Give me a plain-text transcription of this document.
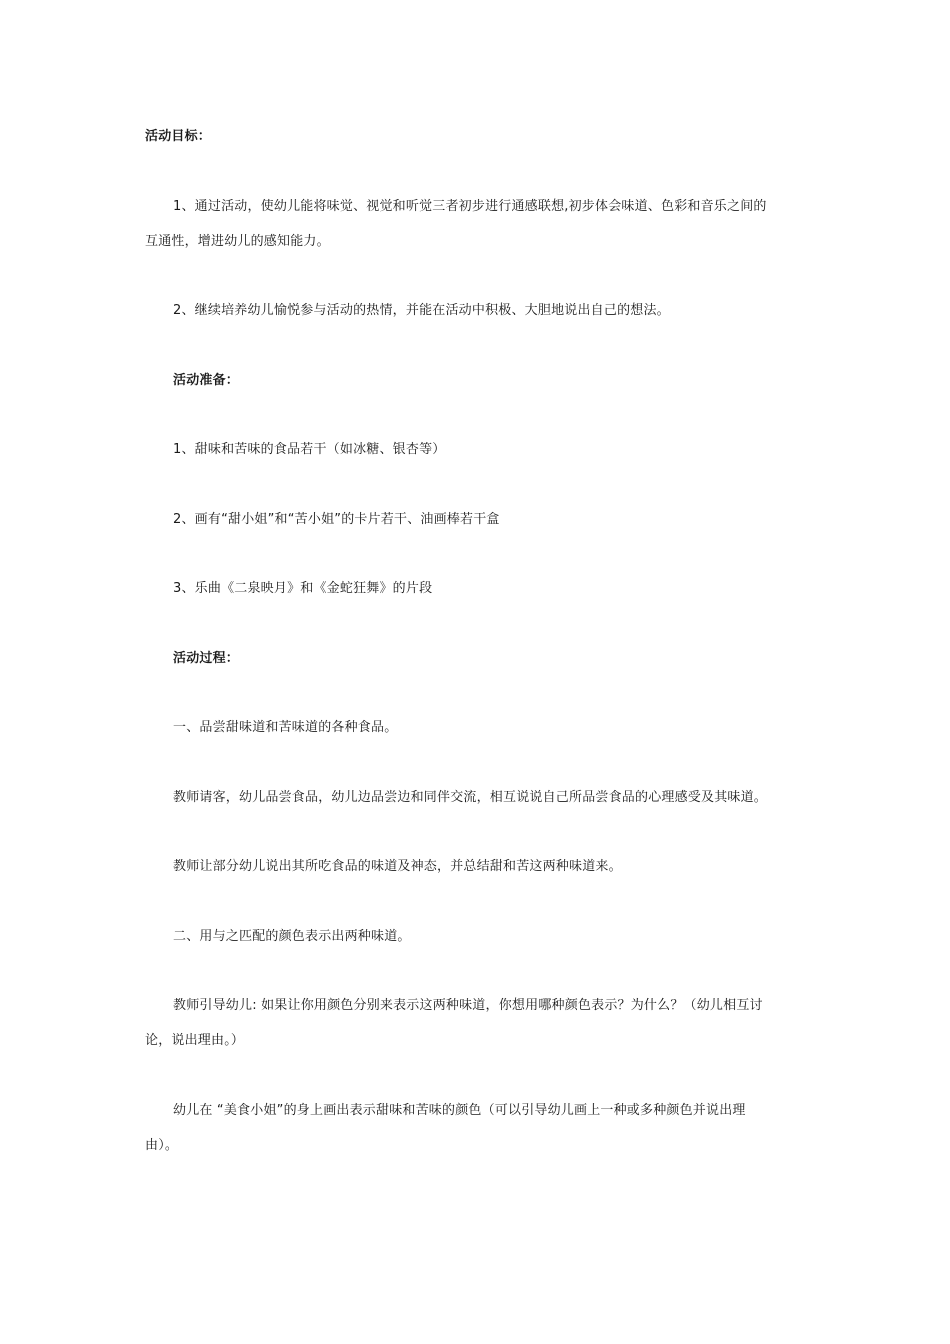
活动目标：
1、通过活动，使幼儿能将味觉、视觉和听觉三者初步进行通感联想,初步体会味道、色彩和音乐之间的
互通性，增进幼儿的感知能力。
2、继续培养幼儿愉悦参与活动的热情，并能在活动中积极、大胆地说出自己的想法。
活动准备：
1、甜味和苦味的食品若干（如冰糖、银杏等）
2、画有“甜小姐”和“苦小姐”的卡片若干、油画棒若干盒
3、乐曲《二泉映月》和《金蛇狂舞》的片段
活动过程：
一、品尝甜味道和苦味道的各种食品。
教师请客，幼儿品尝食品，幼儿边品尝边和同伴交流，相互说说自己所品尝食品的心理感受及其味道。
教师让部分幼儿说出其所吃食品的味道及神态，并总结甜和苦这两种味道来。
二、用与之匹配的颜色表示出两种味道。
教师引导幼儿: 如果让你用颜色分别来表示这两种味道，你想用哪种颜色表示？为什么？（幼儿相互讨
论，说出理由。）
幼儿在 “美食小姐”的身上画出表示甜味和苦味的颜色（可以引导幼儿画上一种或多种颜色并说出理
由）。
